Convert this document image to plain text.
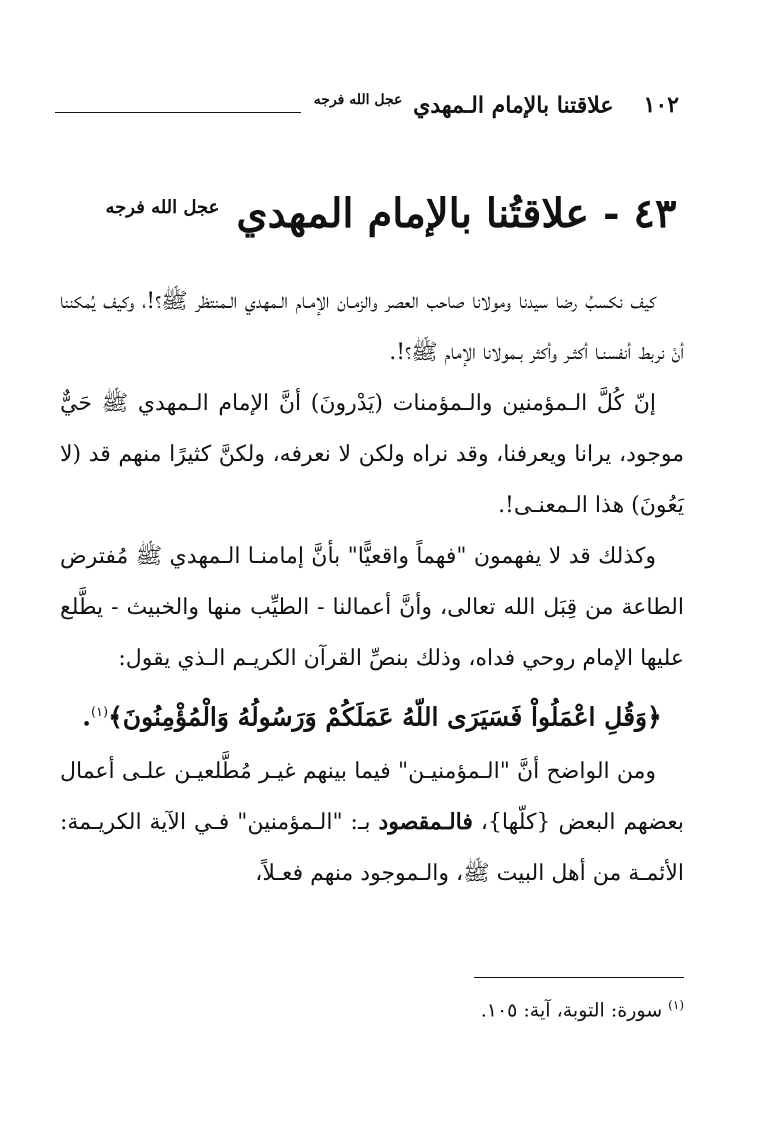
١٠٢
علاقتنا بالإمام الـمهدي $^{عجل الله فرجه}$
٤٣ - علاقتُنا بالإمام المهدي $^{عجل الله فرجه}$

كيف نكسبُ رضا سيدنا ومولانا صاحب العصر والزمـان الإمـام الـمهدي الـمنتظر ﷺ؟!، وكيف يُمكننا أنْ نربط أنفسنـا أكثـر وأكثر بـمولانا الإمام ﷺ؟!.

إنّ كُلَّ الـمؤمنين والـمؤمنات (يَدْرونَ) أنَّ الإمام الـمهدي ﷺ حَيٌّ موجود، يرانا ويعرفنا، وقد نراه ولكن لا نعرفه، ولكنَّ كثيرًا منهم قد (لا يَعُونَ) هذا الـمعنـى!.

وكذلك قد لا يفهمون "فهماً واقعيًّا" بأنَّ إمامنـا الـمهدي ﷺ مُفترض الطاعة من قِبَل الله تعالى، وأنَّ أعمالنا - الطيِّب منها والخبيث - يطَّلع عليها الإمام روحي فداه، وذلك بنصِّ القرآن الكريـم الـذي يقول:

﴿وَقُلِ اعْمَلُواْ فَسَيَرَى اللّهُ عَمَلَكُمْ وَرَسُولُهُ وَالْمُؤْمِنُونَ﴾$^{(١)}$.

ومن الواضح أنَّ "الـمؤمنيـن" فيما بينهم غيـر مُطَّلعيـن علـى أعمال بعضهم البعض {كلّها}، فالـمقصود بـ: "الـمؤمنين" فـي الآية الكريـمة: الأئمـة من أهل البيت ﷺ، والـموجود منهم فعـلاً،

$^{(١)}$ سورة: التوبة، آية: ١٠٥.
